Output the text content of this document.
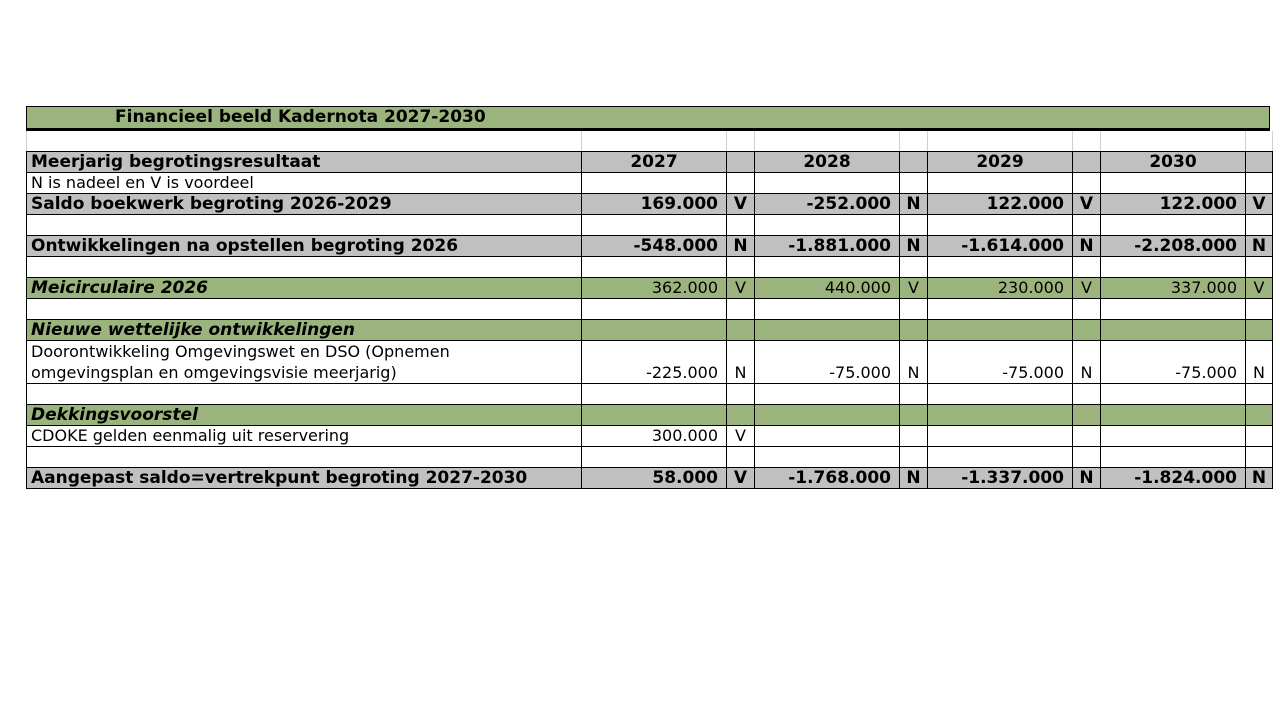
Financieel beeld Kadernota 2027-2030

Meerjarig begrotingsresultaat	2027		2028		2029		2030	
N is nadeel en V is voordeel								
Saldo boekwerk begroting 2026-2029	169.000	V	-252.000	N	122.000	V	122.000	V

Ontwikkelingen na opstellen begroting 2026	-548.000	N	-1.881.000	N	-1.614.000	N	-2.208.000	N

Meicirculaire 2026	362.000	V	440.000	V	230.000	V	337.000	V

Nieuwe wettelijke ontwikkelingen								
Doorontwikkeling Omgevingswet en DSO (Opnemen omgevingsplan en omgevingsvisie meerjarig)	-225.000	N	-75.000	N	-75.000	N	-75.000	N

Dekkingsvoorstel								
CDOKE gelden eenmalig uit reservering	300.000	V						

Aangepast saldo=vertrekpunt begroting 2027-2030	58.000	V	-1.768.000	N	-1.337.000	N	-1.824.000	N
